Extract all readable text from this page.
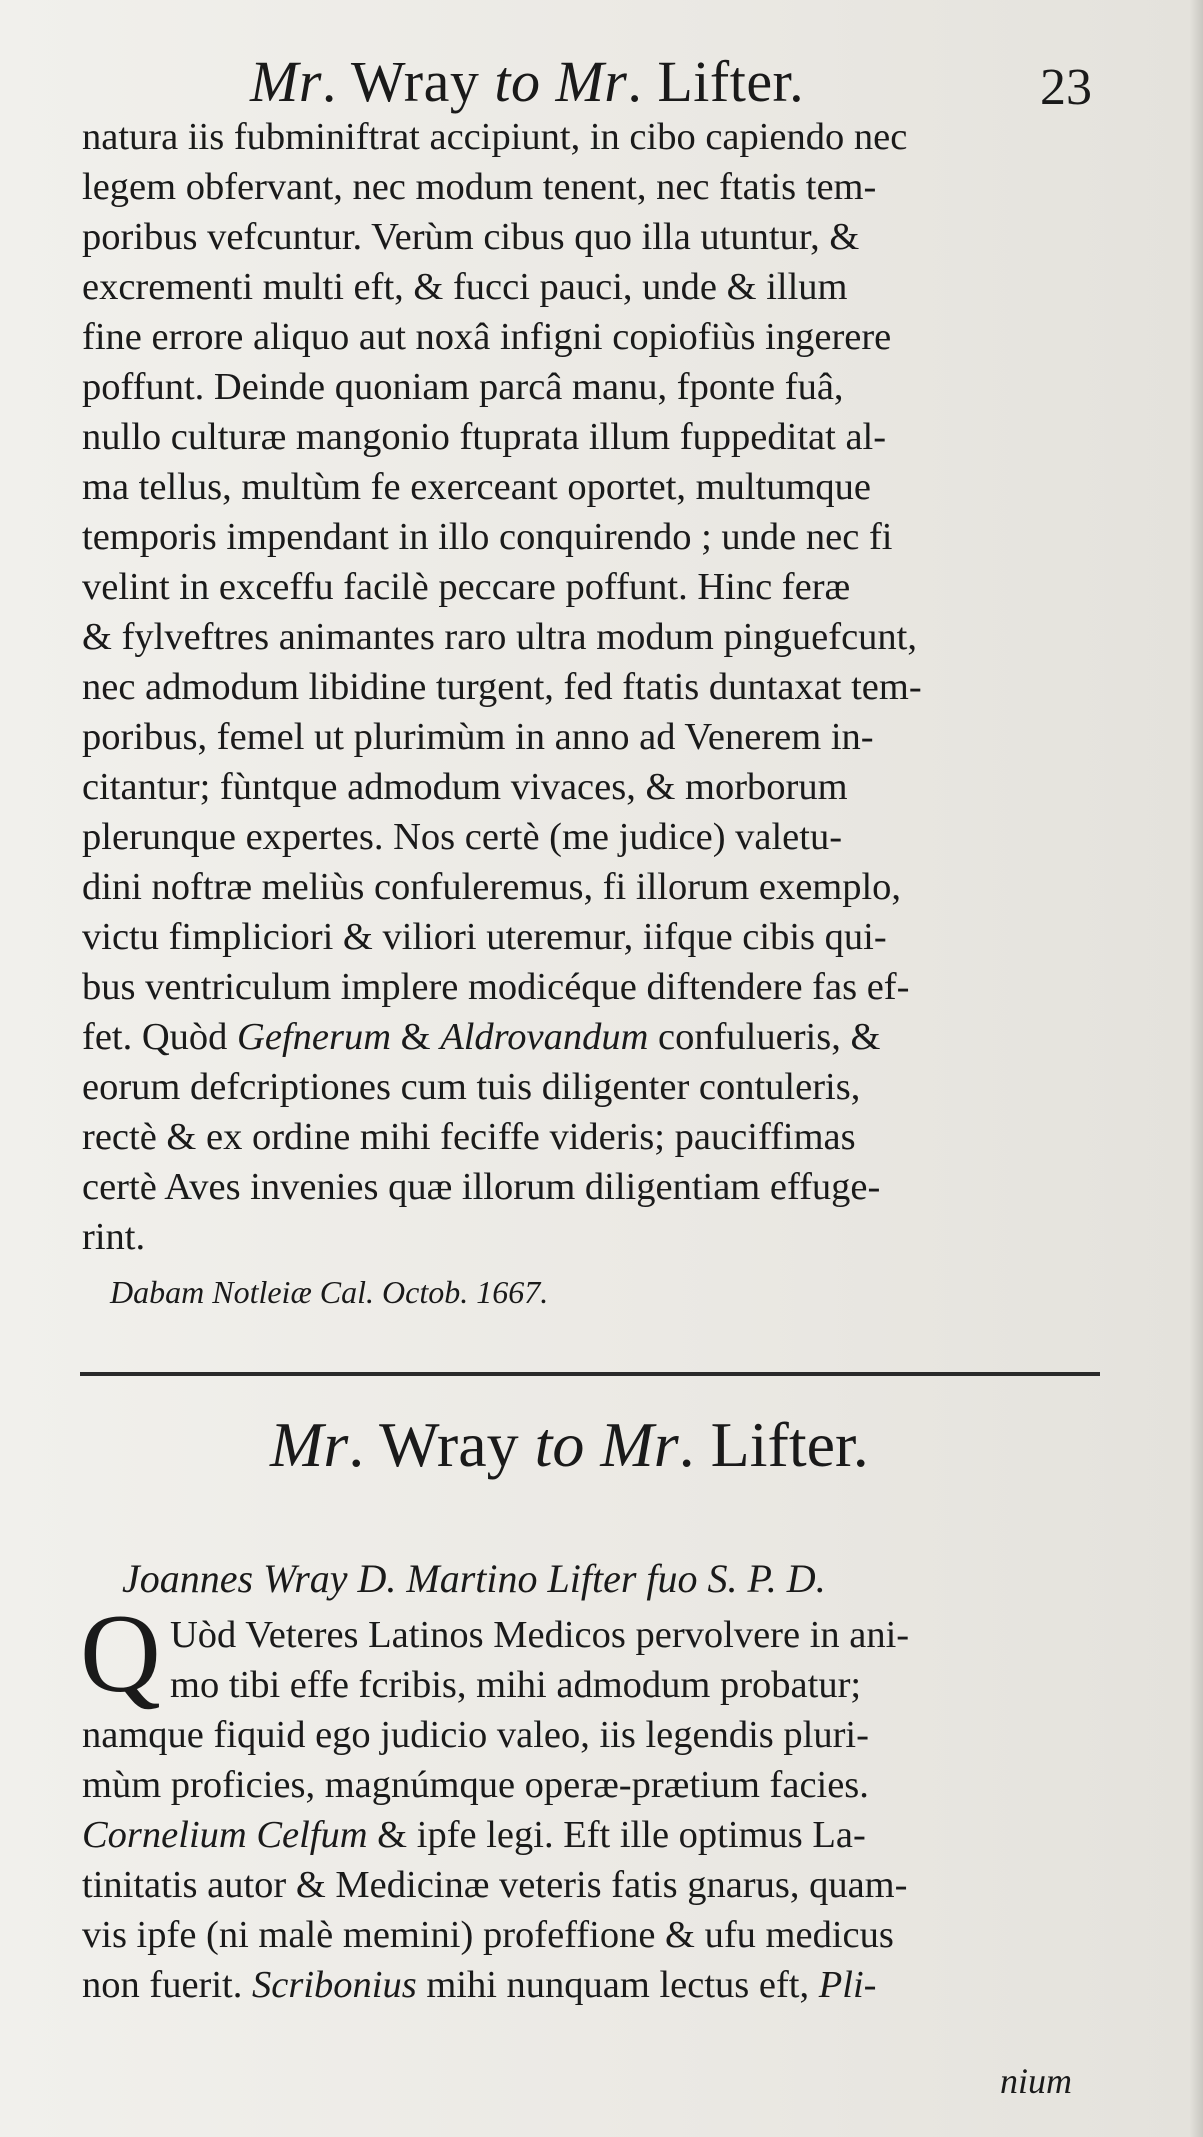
Mr. Wray to Mr. Lifter.	23
natura iis fubminiftrat accipiunt, in cibo capiendo nec
legem obfervant, nec modum tenent, nec ftatis tem-
poribus vefcuntur. Verùm cibus quo illa utuntur, &
excrementi multi eft, & fucci pauci, unde & illum
fine errore aliquo aut noxâ infigni copiofiùs ingerere
poffunt. Deinde quoniam parcâ manu, fponte fuâ,
nullo culturæ mangonio ftuprata illum fuppeditat al-
ma tellus, multùm fe exerceant oportet, multumque
temporis impendant in illo conquirendo ; unde nec fi
velint in exceffu facilè peccare poffunt. Hinc feræ
& fylveftres animantes raro ultra modum pinguefcunt,
nec admodum libidine turgent, fed ftatis duntaxat tem-
poribus, femel ut plurimùm in anno ad Venerem in-
citantur; fùntque admodum vivaces, & morborum
plerunque expertes. Nos certè (me judice) valetu-
dini noftræ meliùs confuleremus, fi illorum exemplo,
victu fimpliciori & viliori uteremur, iifque cibis qui-
bus ventriculum implere modicéque diftendere fas ef-
fet. Quòd Gefnerum & Aldrovandum confulueris, &
eorum defcriptiones cum tuis diligenter contuleris,
rectè & ex ordine mihi feciffe videris; pauciffimas
certè Aves invenies quæ illorum diligentiam effuge-
rint.
Dabam Notleiæ Cal. Octob. 1667.
Mr. Wray to Mr. Lifter.
Joannes Wray D. Martino Lifter fuo S. P. D.
Q Uòd Veteres Latinos Medicos pervolvere in ani-
mo tibi effe fcribis, mihi admodum probatur;
namque fiquid ego judicio valeo, iis legendis pluri-
mùm proficies, magnúmque operæ-prætium facies.
Cornelium Celfum & ipfe legi. Eft ille optimus La-
tinitatis autor & Medicinæ veteris fatis gnarus, quam-
vis ipfe (ni malè memini) profeffione & ufu medicus
non fuerit. Scribonius mihi nunquam lectus eft, Pli-
nium
